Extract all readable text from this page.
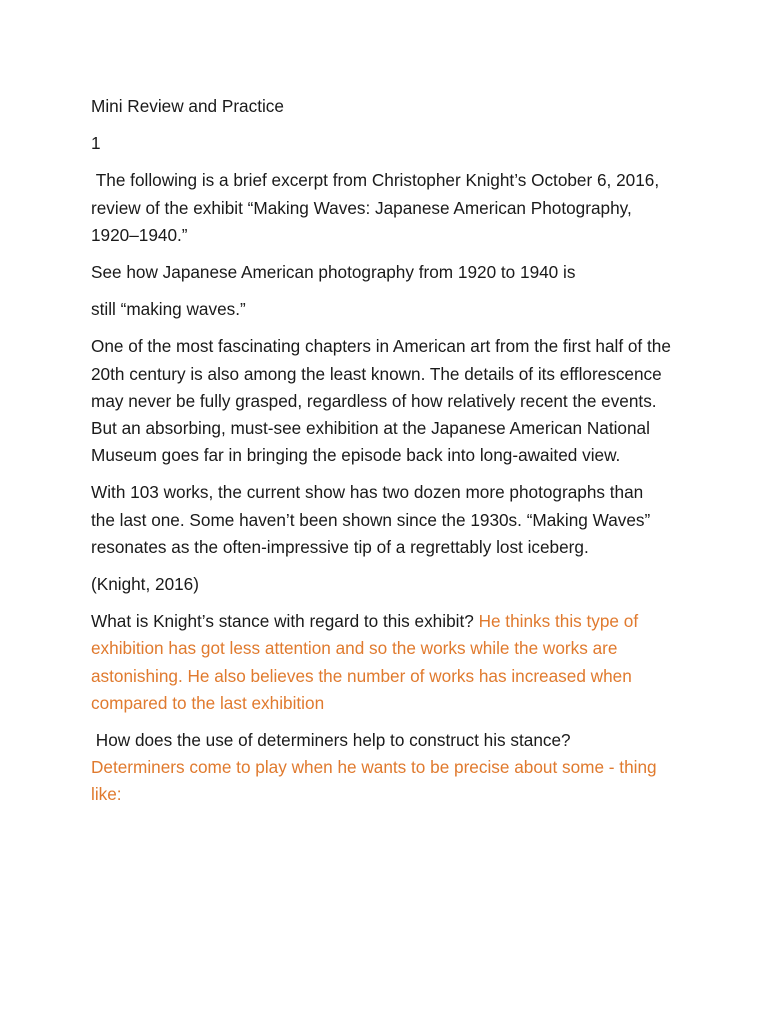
Mini Review and Practice

1

The following is a brief excerpt from Christopher Knight’s October 6, 2016, review of the exhibit “Making Waves: Japanese American Photography, 1920–1940.”

See how Japanese American photography from 1920 to 1940 is

still “making waves.”

One of the most fascinating chapters in American art from the first half of the 20th century is also among the least known. The details of its efflorescence may never be fully grasped, regardless of how relatively recent the events. But an absorbing, must-see exhibition at the Japanese American National Museum goes far in bringing the episode back into long-awaited view.

With 103 works, the current show has two dozen more photographs than the last one. Some haven’t been shown since the 1930s. “Making Waves” resonates as the often-impressive tip of a regrettably lost iceberg.

(Knight, 2016)

What is Knight’s stance with regard to this exhibit? He thinks this type of exhibition has got less attention and so the works while the works are astonishing. He also believes the number of works has increased when compared to the last exhibition

How does the use of determiners help to construct his stance?

Determiners come to play when he wants to be precise about some - thing like:
